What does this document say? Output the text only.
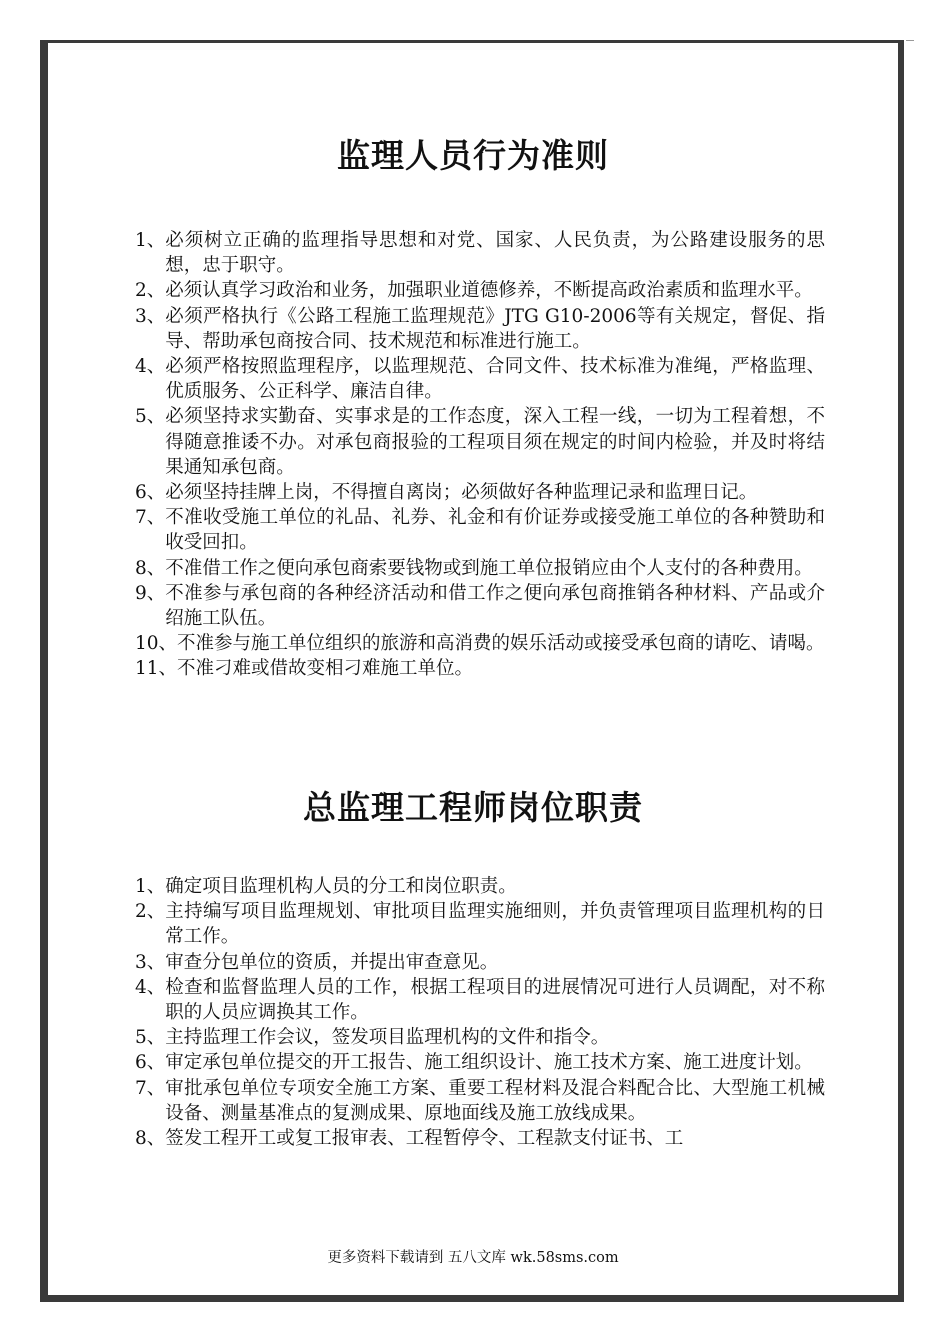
监理人员行为准则
1、 必须树立正确的监理指导思想和对党、国家、人民负责，为公路建设服务的思想，忠于职守。
2、 必须认真学习政治和业务，加强职业道德修养，不断提高政治素质和监理水平。
3、 必须严格执行《公路工程施工监理规范》JTG G10-2006等有关规定，督促、指导、帮助承包商按合同、技术规范和标准进行施工。
4、 必须严格按照监理程序，以监理规范、合同文件、技术标准为准绳，严格监理、优质服务、公正科学、廉洁自律。
5、 必须坚持求实勤奋、实事求是的工作态度，深入工程一线，一切为工程着想，不得随意推诿不办。对承包商报验的工程项目须在规定的时间内检验，并及时将结果通知承包商。
6、 必须坚持挂牌上岗，不得擅自离岗；必须做好各种监理记录和监理日记。
7、 不准收受施工单位的礼品、礼券、礼金和有价证券或接受施工单位的各种赞助和收受回扣。
8、 不准借工作之便向承包商索要钱物或到施工单位报销应由个人支付的各种费用。
9、 不准参与承包商的各种经济活动和借工作之便向承包商推销各种材料、产品或介绍施工队伍。
10、 不准参与施工单位组织的旅游和高消费的娱乐活动或接受承包商的请吃、请喝。
11、 不准刁难或借故变相刁难施工单位。
总监理工程师岗位职责
1、 确定项目监理机构人员的分工和岗位职责。
2、 主持编写项目监理规划、审批项目监理实施细则，并负责管理项目监理机构的日常工作。
3、 审查分包单位的资质，并提出审查意见。
4、 检查和监督监理人员的工作，根据工程项目的进展情况可进行人员调配，对不称职的人员应调换其工作。
5、 主持监理工作会议，签发项目监理机构的文件和指令。
6、 审定承包单位提交的开工报告、施工组织设计、施工技术方案、施工进度计划。
7、 审批承包单位专项安全施工方案、重要工程材料及混合料配合比、大型施工机械设备、测量基准点的复测成果、原地面线及施工放线成果。
8、 签发工程开工或复工报审表、工程暂停令、工程款支付证书、工
更多资料下载请到 五八文库 wk.58sms.com
